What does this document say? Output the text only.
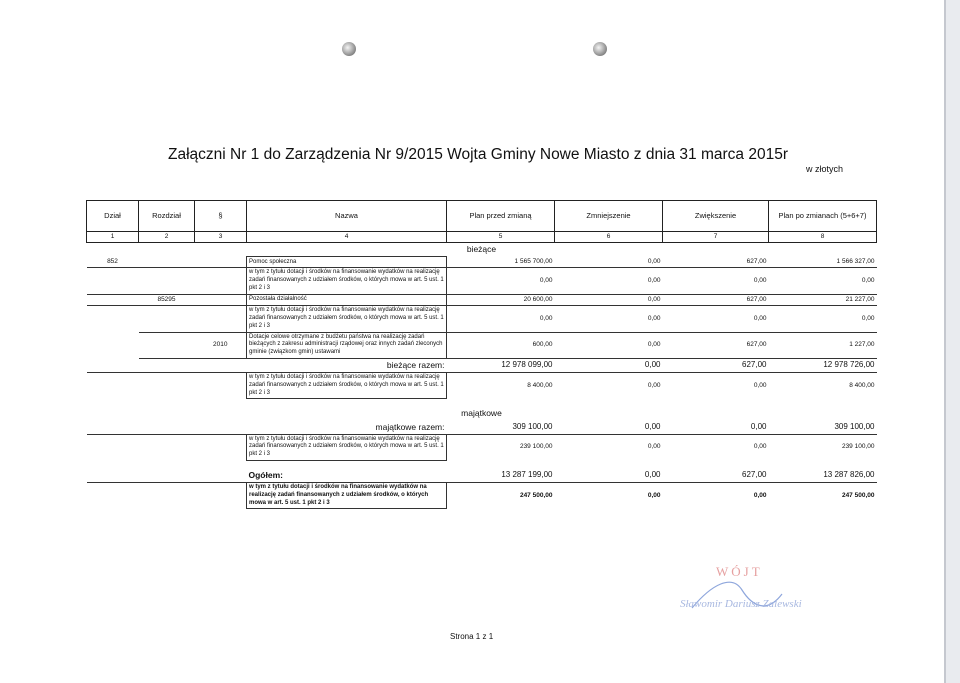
Załączni Nr 1 do Zarządzenia Nr 9/2015 Wojta Gminy Nowe Miasto z dnia 31 marca 2015r
w złotych
Dział	Rozdział	§	Nazwa	Plan przed zmianą	Zmniejszenie	Zwiększenie	Plan po zmianach (5+6+7)
1	2	3	4	5	6	7	8
bieżące							
852			Pomoc społeczna	1 565 700,00	0,00	627,00	1 566 327,00
			w tym z tytułu dotacji i środków na finansowanie wydatków na realizację zadań finansowanych z udziałem środków, o których mowa w art. 5 ust. 1 pkt 2 i 3	0,00	0,00	0,00	0,00
	85295		Pozostała działalność	20 600,00	0,00	627,00	21 227,00
			w tym z tytułu dotacji i środków na finansowanie wydatków na realizację zadań finansowanych z udziałem środków, o których mowa w art. 5 ust. 1 pkt 2 i 3	0,00	0,00	0,00	0,00
		2010	Dotacje celowe otrzymane z budżetu państwa na realizację zadań bieżących z zakresu administracji rządowej oraz innych zadań zleconych gminie (związkom gmin) ustawami	600,00	0,00	627,00	1 227,00
bieżące razem:				12 978 099,00	0,00	627,00	12 978 726,00
			w tym z tytułu dotacji i środków na finansowanie wydatków na realizację zadań finansowanych z udziałem środków, o których mowa w art. 5 ust. 1 pkt 2 i 3	8 400,00	0,00	0,00	8 400,00

majątkowe							
majątkowe razem:				309 100,00	0,00	0,00	309 100,00
			w tym z tytułu dotacji i środków na finansowanie wydatków na realizację zadań finansowanych z udziałem środków, o których mowa w art. 5 ust. 1 pkt 2 i 3	239 100,00	0,00	0,00	239 100,00

			Ogółem:	13 287 199,00	0,00	627,00	13 287 826,00
			w tym z tytułu dotacji i środków na finansowanie wydatków na realizację zadań finansowanych z udziałem środków, o których mowa w art. 5 ust. 1 pkt 2 i 3	247 500,00	0,00	0,00	247 500,00
WÓJT
Sławomir Dariusz Zalewski
Strona 1 z 1
